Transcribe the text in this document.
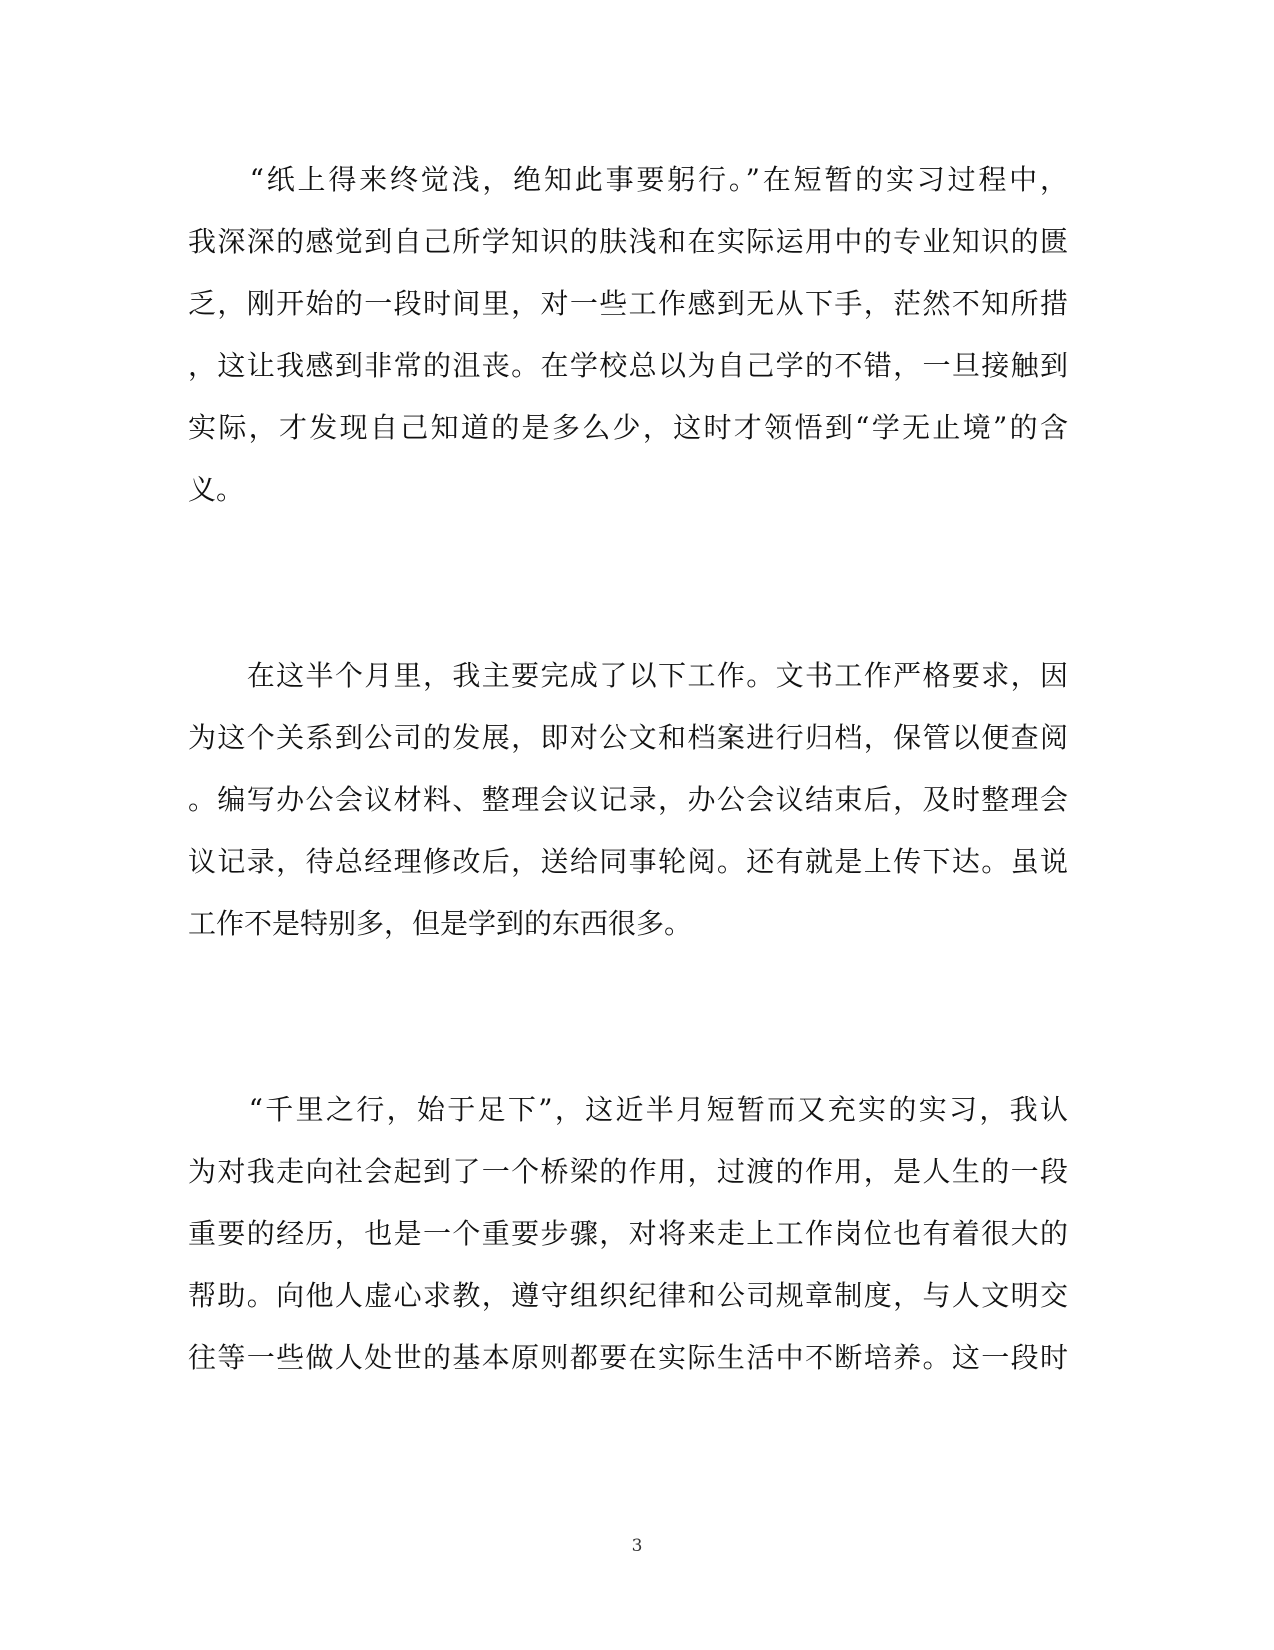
　　“纸上得来终觉浅，绝知此事要躬行。”在短暂的实习过程中，
我深深的感觉到自己所学知识的肤浅和在实际运用中的专业知识的匮
乏，刚开始的一段时间里，对一些工作感到无从下手，茫然不知所措
，这让我感到非常的沮丧。在学校总以为自己学的不错，一旦接触到
实际，才发现自己知道的是多么少，这时才领悟到“学无止境”的含
义。
　　在这半个月里，我主要完成了以下工作。文书工作严格要求，因
为这个关系到公司的发展，即对公文和档案进行归档，保管以便查阅
。编写办公会议材料、整理会议记录，办公会议结束后，及时整理会
议记录，待总经理修改后，送给同事轮阅。还有就是上传下达。虽说
工作不是特别多，但是学到的东西很多。
　　“千里之行，始于足下”，这近半月短暂而又充实的实习，我认
为对我走向社会起到了一个桥梁的作用，过渡的作用，是人生的一段
重要的经历，也是一个重要步骤，对将来走上工作岗位也有着很大的
帮助。向他人虚心求教，遵守组织纪律和公司规章制度，与人文明交
往等一些做人处世的基本原则都要在实际生活中不断培养。这一段时
3
